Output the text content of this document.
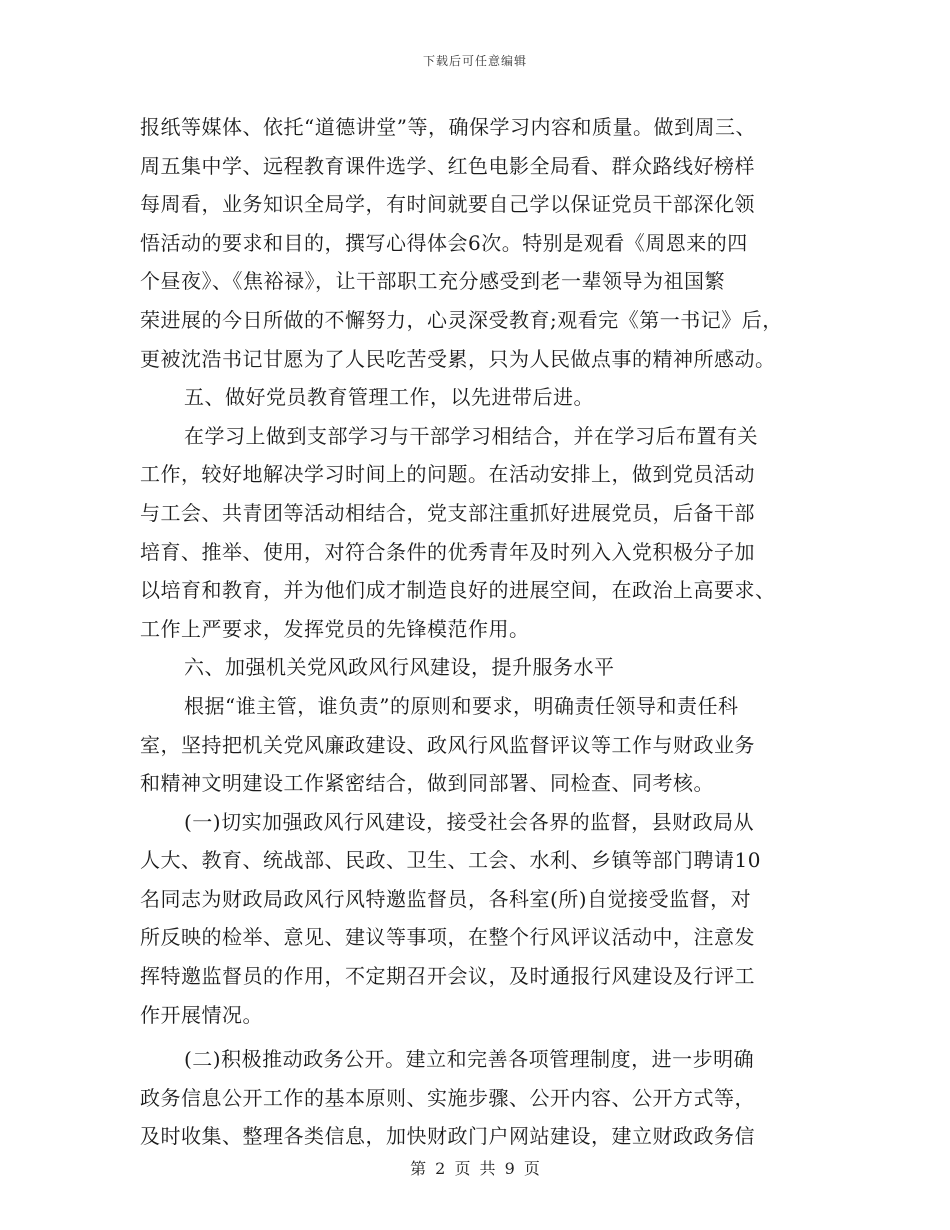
下载后可任意编辑
报纸等媒体、依托“道德讲堂”等，确保学习内容和质量。做到周三、
周五集中学、远程教育课件选学、红色电影全局看、群众路线好榜样
每周看，业务知识全局学，有时间就要自己学以保证党员干部深化领
悟活动的要求和目的，撰写心得体会6次。特别是观看《周恩来的四
个昼夜》、《焦裕禄》，让干部职工充分感受到老一辈领导为祖国繁
荣进展的今日所做的不懈努力，心灵深受教育;观看完《第一书记》后，
更被沈浩书记甘愿为了人民吃苦受累，只为人民做点事的精神所感动。
五、做好党员教育管理工作，以先进带后进。
在学习上做到支部学习与干部学习相结合，并在学习后布置有关
工作，较好地解决学习时间上的问题。在活动安排上，做到党员活动
与工会、共青团等活动相结合，党支部注重抓好进展党员，后备干部
培育、推举、使用，对符合条件的优秀青年及时列入入党积极分子加
以培育和教育，并为他们成才制造良好的进展空间，在政治上高要求、
工作上严要求，发挥党员的先锋模范作用。
六、加强机关党风政风行风建设，提升服务水平
根据“谁主管，谁负责”的原则和要求，明确责任领导和责任科
室，坚持把机关党风廉政建设、政风行风监督评议等工作与财政业务
和精神文明建设工作紧密结合，做到同部署、同检查、同考核。
(一)切实加强政风行风建设，接受社会各界的监督，县财政局从
人大、教育、统战部、民政、卫生、工会、水利、乡镇等部门聘请10
名同志为财政局政风行风特邀监督员，各科室(所)自觉接受监督，对
所反映的检举、意见、建议等事项，在整个行风评议活动中，注意发
挥特邀监督员的作用，不定期召开会议，及时通报行风建设及行评工
作开展情况。
(二)积极推动政务公开。建立和完善各项管理制度，进一步明确
政务信息公开工作的基本原则、实施步骤、公开内容、公开方式等，
及时收集、整理各类信息，加快财政门户网站建设，建立财政政务信
第 2 页 共 9 页
